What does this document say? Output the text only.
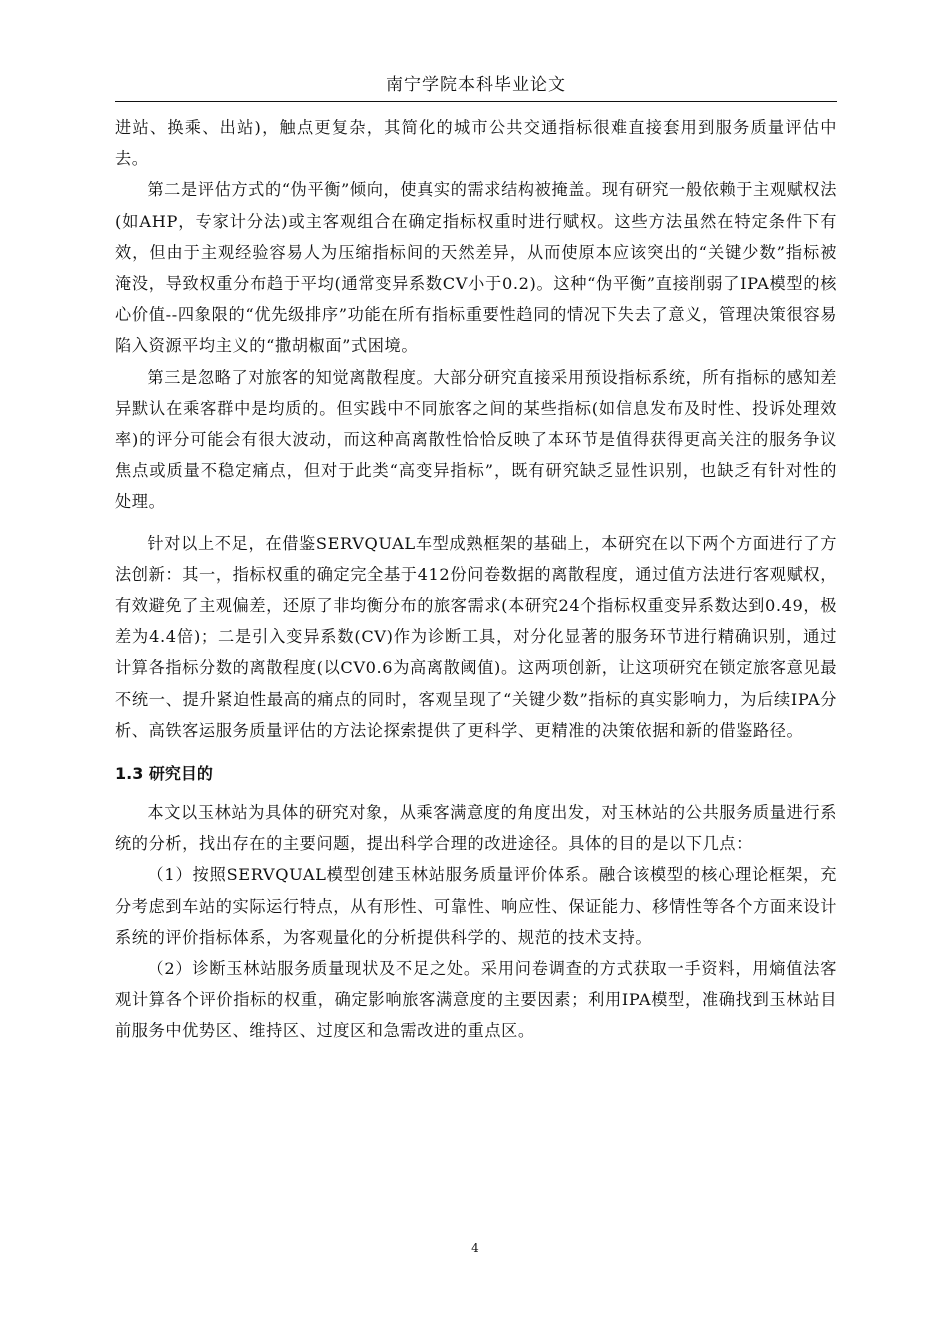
南宁学院本科毕业论文

进站、换乘、出站)，触点更复杂，其简化的城市公共交通指标很难直接套用到服务质量评估中去。

第二是评估方式的“伪平衡”倾向，使真实的需求结构被掩盖。现有研究一般依赖于主观赋权法(如AHP，专家计分法)或主客观组合在确定指标权重时进行赋权。这些方法虽然在特定条件下有效，但由于主观经验容易人为压缩指标间的天然差异，从而使原本应该突出的“关键少数”指标被淹没，导致权重分布趋于平均(通常变异系数CV小于0.2)。这种“伪平衡”直接削弱了IPA模型的核心价值--四象限的“优先级排序”功能在所有指标重要性趋同的情况下失去了意义，管理决策很容易陷入资源平均主义的“撒胡椒面”式困境。

第三是忽略了对旅客的知觉离散程度。大部分研究直接采用预设指标系统，所有指标的感知差异默认在乘客群中是均质的。但实践中不同旅客之间的某些指标(如信息发布及时性、投诉处理效率)的评分可能会有很大波动，而这种高离散性恰恰反映了本环节是值得获得更高关注的服务争议焦点或质量不稳定痛点，但对于此类“高变异指标”，既有研究缺乏显性识别，也缺乏有针对性的处理。

针对以上不足，在借鉴SERVQUAL车型成熟框架的基础上，本研究在以下两个方面进行了方法创新：其一，指标权重的确定完全基于412份问卷数据的离散程度，通过值方法进行客观赋权，有效避免了主观偏差，还原了非均衡分布的旅客需求(本研究24个指标权重变异系数达到0.49，极差为4.4倍)；二是引入变异系数(CV)作为诊断工具，对分化显著的服务环节进行精确识别，通过计算各指标分数的离散程度(以CV0.6为高离散阈值)。这两项创新，让这项研究在锁定旅客意见最不统一、提升紧迫性最高的痛点的同时，客观呈现了“关键少数”指标的真实影响力，为后续IPA分析、高铁客运服务质量评估的方法论探索提供了更科学、更精准的决策依据和新的借鉴路径。

1.3 研究目的

本文以玉林站为具体的研究对象，从乘客满意度的角度出发，对玉林站的公共服务质量进行系统的分析，找出存在的主要问题，提出科学合理的改进途径。具体的目的是以下几点：

（1）按照SERVQUAL模型创建玉林站服务质量评价体系。融合该模型的核心理论框架，充分考虑到车站的实际运行特点，从有形性、可靠性、响应性、保证能力、移情性等各个方面来设计系统的评价指标体系，为客观量化的分析提供科学的、规范的技术支持。

（2）诊断玉林站服务质量现状及不足之处。采用问卷调查的方式获取一手资料，用熵值法客观计算各个评价指标的权重，确定影响旅客满意度的主要因素；利用IPA模型，准确找到玉林站目前服务中优势区、维持区、过度区和急需改进的重点区。

4
